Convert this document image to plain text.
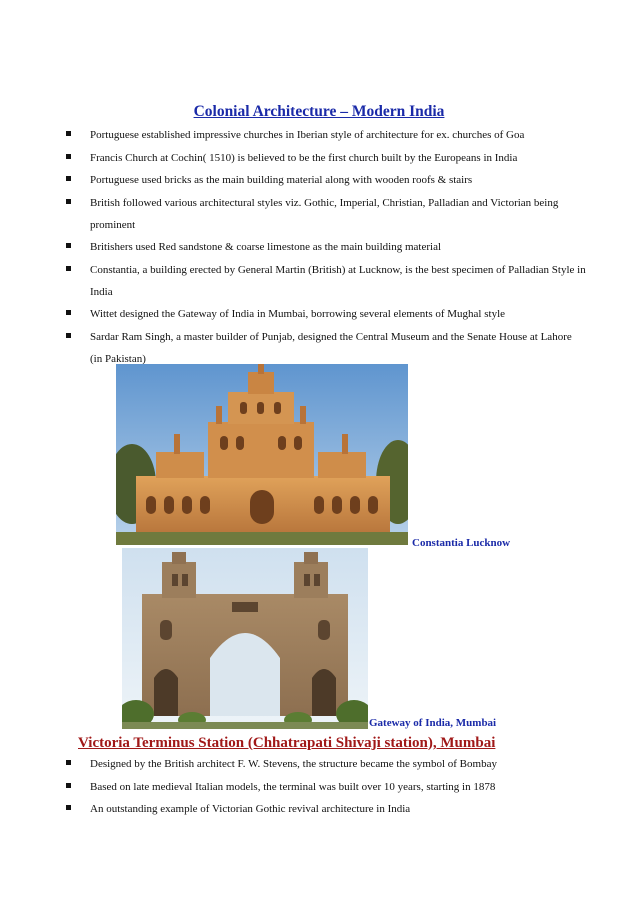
Colonial Architecture – Modern India
Portuguese established impressive churches in Iberian style of architecture for ex. churches of Goa
Francis Church at Cochin( 1510) is believed to be the first church built by the Europeans in India
Portuguese used bricks as the main building material along with wooden roofs & stairs
British followed various architectural styles viz. Gothic, Imperial, Christian, Palladian and Victorian being prominent
Britishers used Red sandstone & coarse limestone as the main building material
Constantia, a building erected by General Martin (British) at Lucknow, is the best specimen of Palladian Style in India
Wittet designed the Gateway of India in Mumbai, borrowing several elements of Mughal style
Sardar Ram Singh, a master builder of Punjab, designed the Central Museum and the Senate House at Lahore (in Pakistan)
Constantia Lucknow
Gateway of India, Mumbai
Victoria Terminus Station (Chhatrapati Shivaji station), Mumbai
Designed by the British architect F. W. Stevens, the structure became the symbol of Bombay
Based on late medieval Italian models, the terminal was built over 10 years, starting in 1878
An outstanding example of Victorian Gothic revival architecture in India
